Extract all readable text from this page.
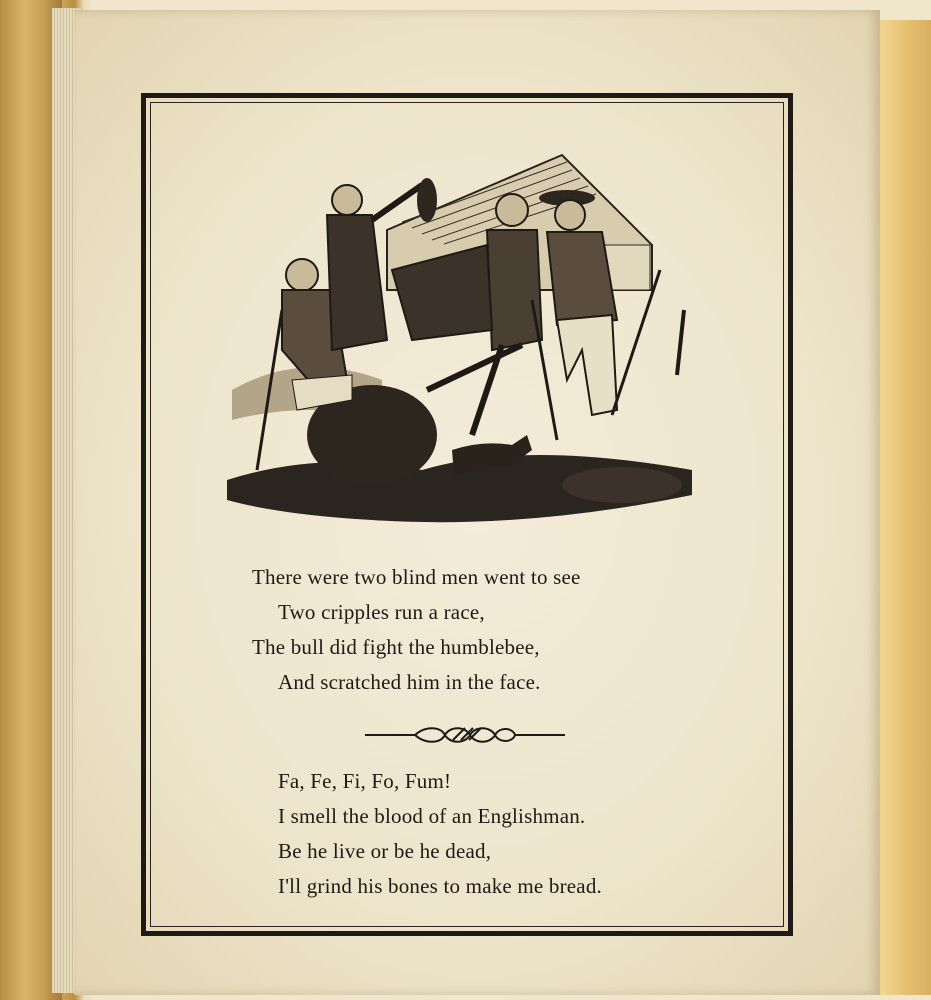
There were two blind men went to see
Two cripples run a race,
The bull did fight the humblebee,
And scratched him in the face.
Fa, Fe, Fi, Fo, Fum!
I smell the blood of an Englishman.
Be he live or be he dead,
I'll grind his bones to make me bread.
